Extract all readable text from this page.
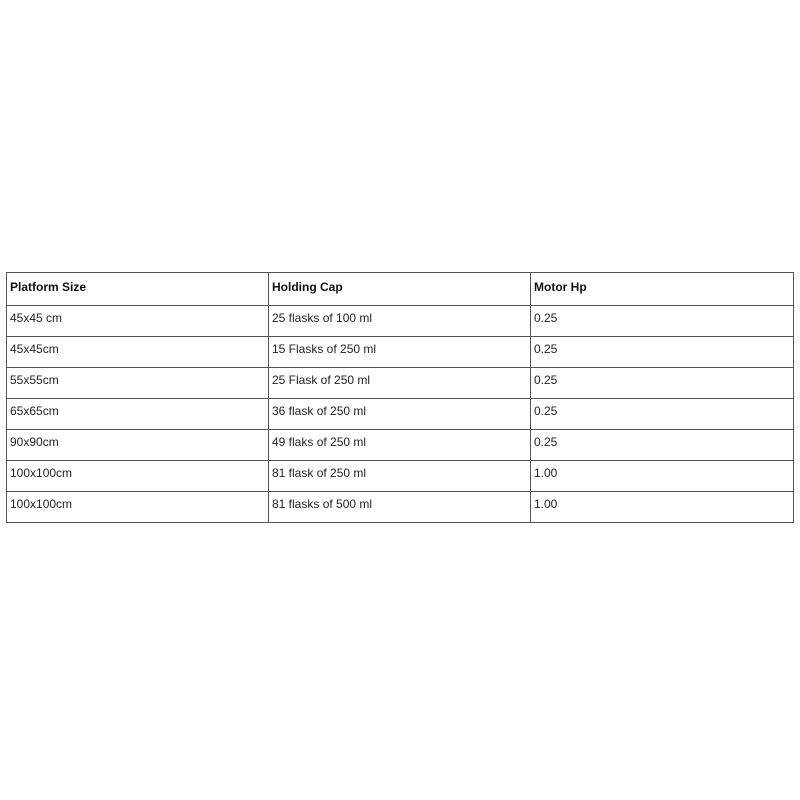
Platform Size	Holding Cap	Motor Hp
45x45 cm	25 flasks of 100 ml	0.25
45x45cm	15 Flasks of 250 ml	0.25
55x55cm	25 Flask of 250 ml	0.25
65x65cm	36 flask of 250 ml	0.25
90x90cm	49 flaks of 250 ml	0.25
100x100cm	81 flask of 250 ml	1.00
100x100cm	81 flasks of 500 ml	1.00
